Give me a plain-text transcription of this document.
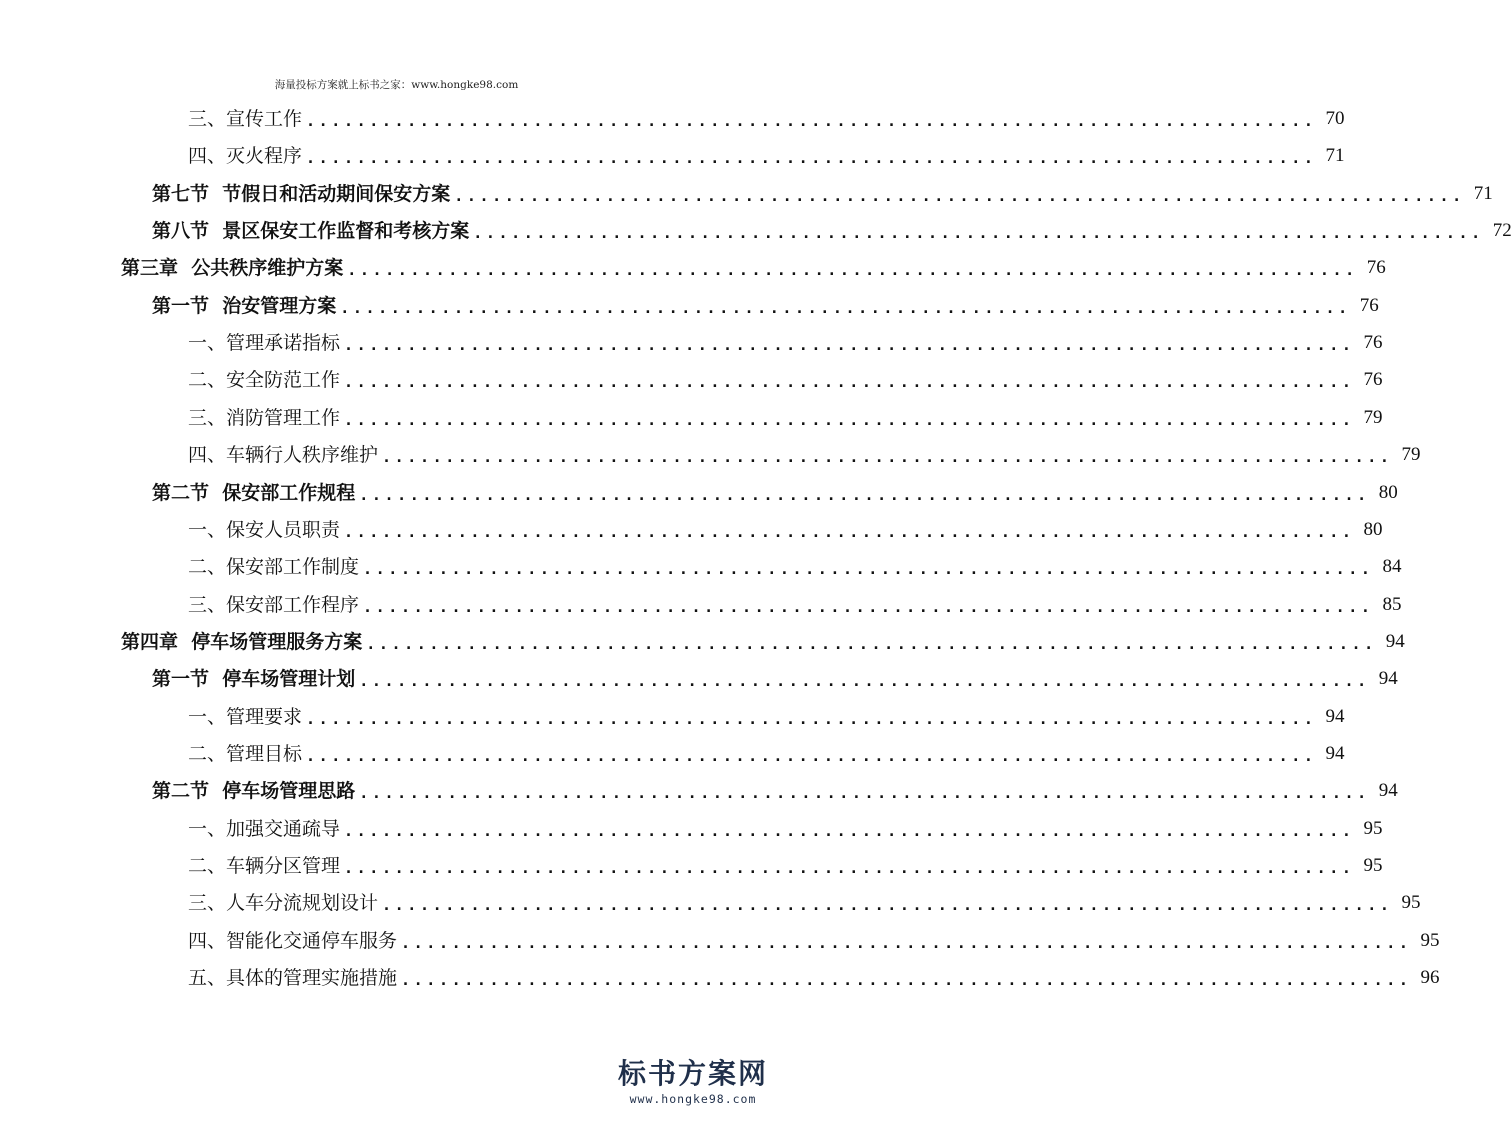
海量投标方案就上标书之家：www.hongke98.com
三、宣传工作 ................................................................................ 70
四、灭火程序 ................................................................................ 71
第七节 节假日和活动期间保安方案 ................................................................................ 71
第八节 景区保安工作监督和考核方案 ................................................................................ 72
第三章 公共秩序维护方案 ................................................................................ 76
第一节 治安管理方案 ................................................................................ 76
一、管理承诺指标 ................................................................................ 76
二、安全防范工作 ................................................................................ 76
三、消防管理工作 ................................................................................ 79
四、车辆行人秩序维护 ................................................................................ 79
第二节 保安部工作规程 ................................................................................ 80
一、保安人员职责 ................................................................................ 80
二、保安部工作制度 ................................................................................ 84
三、保安部工作程序 ................................................................................ 85
第四章 停车场管理服务方案 ................................................................................ 94
第一节 停车场管理计划 ................................................................................ 94
一、管理要求 ................................................................................ 94
二、管理目标 ................................................................................ 94
第二节 停车场管理思路 ................................................................................ 94
一、加强交通疏导 ................................................................................ 95
二、车辆分区管理 ................................................................................ 95
三、人车分流规划设计 ................................................................................ 95
四、智能化交通停车服务 ................................................................................ 95
五、具体的管理实施措施 ................................................................................ 96
标书方案网
www.hongke98.com
